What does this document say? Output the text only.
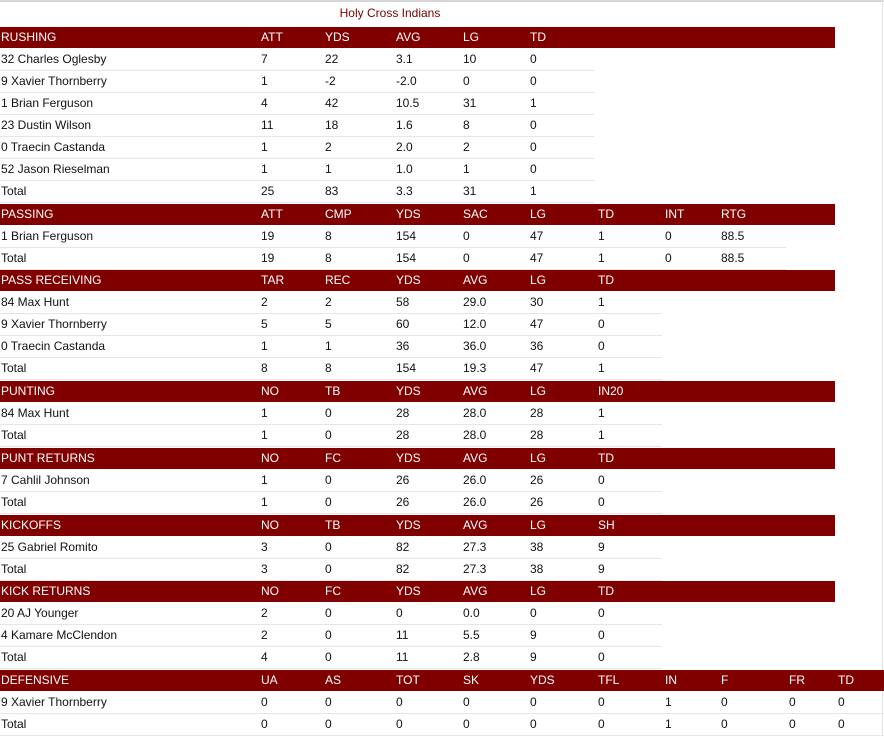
Holy Cross Indians
RUSHING	ATT	YDS	AVG	LG	TD
32 Charles Oglesby	7	22	3.1	10	0
9 Xavier Thornberry	1	-2	-2.0	0	0
1 Brian Ferguson	4	42	10.5	31	1
23 Dustin Wilson	11	18	1.6	8	0
0 Traecin Castanda	1	2	2.0	2	0
52 Jason Rieselman	1	1	1.0	1	0
Total	25	83	3.3	31	1
PASSING	ATT	CMP	YDS	SAC	LG	TD	INT	RTG
1 Brian Ferguson	19	8	154	0	47	1	0	88.5
Total	19	8	154	0	47	1	0	88.5
PASS RECEIVING	TAR	REC	YDS	AVG	LG	TD
84 Max Hunt	2	2	58	29.0	30	1
9 Xavier Thornberry	5	5	60	12.0	47	0
0 Traecin Castanda	1	1	36	36.0	36	0
Total	8	8	154	19.3	47	1
PUNTING	NO	TB	YDS	AVG	LG	IN20
84 Max Hunt	1	0	28	28.0	28	1
Total	1	0	28	28.0	28	1
PUNT RETURNS	NO	FC	YDS	AVG	LG	TD
7 Cahlil Johnson	1	0	26	26.0	26	0
Total	1	0	26	26.0	26	0
KICKOFFS	NO	TB	YDS	AVG	LG	SH
25 Gabriel Romito	3	0	82	27.3	38	9
Total	3	0	82	27.3	38	9
KICK RETURNS	NO	FC	YDS	AVG	LG	TD
20 AJ Younger	2	0	0	0.0	0	0
4 Kamare McClendon	2	0	11	5.5	9	0
Total	4	0	11	2.8	9	0
DEFENSIVE	UA	AS	TOT	SK	YDS	TFL	IN	F	FR	TD
9 Xavier Thornberry	0	0	0	0	0	0	1	0	0	0
Total	0	0	0	0	0	0	1	0	0	0
